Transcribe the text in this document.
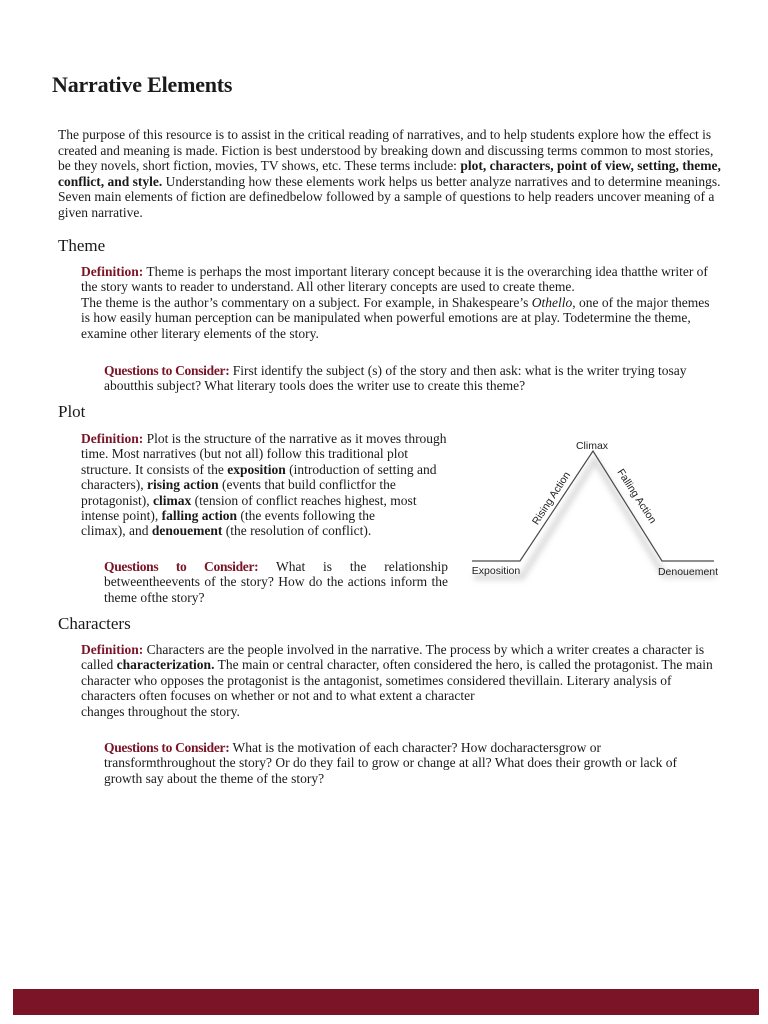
Narrative Elements

The purpose of this resource is to assist in the critical reading of narratives, and to help students explore how the effect is created and meaning is made. Fiction is best understood by breaking down and discussing terms common to most stories, be they novels, short fiction, movies, TV shows, etc. These terms include: plot, characters, point of view, setting, theme, conflict, and style. Understanding how these elements work helps us better analyze narratives and to determine meanings. Seven main elements of fiction are definedbelow followed by a sample of questions to help readers uncover meaning of a given narrative.

Theme

Definition: Theme is perhaps the most important literary concept because it is the overarching idea thatthe writer of the story wants to reader to understand. All other literary concepts are used to create theme.
The theme is the author’s commentary on a subject. For example, in Shakespeare’s Othello, one of the major themes is how easily human perception can be manipulated when powerful emotions are at play. Todetermine the theme, examine other literary elements of the story.

Questions to Consider: First identify the subject (s) of the story and then ask: what is the writer trying tosay aboutthis subject? What literary tools does the writer use to create this theme?

Plot

Definition: Plot is the structure of the narrative as it moves through time. Most narratives (but not all) follow this traditional plot structure. It consists of the exposition (introduction of setting and characters), rising action (events that build conflictfor the protagonist), climax (tension of conflict reaches highest, most intense point), falling action (the events following the
climax), and denouement (the resolution of conflict).

Questions to Consider: What is the relationship betweentheevents of the story? How do the actions inform the theme ofthe story?

Climax
Rising Action	Falling Action
Exposition	Denouement
Characters

Definition: Characters are the people involved in the narrative. The process by which a writer creates a character is called characterization. The main or central character, often considered the hero, is called the protagonist. The main character who opposes the protagonist is the antagonist, sometimes considered thevillain. Literary analysis of characters often focuses on whether or not and to what extent a character
changes throughout the story.

Questions to Consider: What is the motivation of each character? How docharactersgrow or transformthroughout the story? Or do they fail to grow or change at all? What does their growth or lack of growth say about the theme of the story?
